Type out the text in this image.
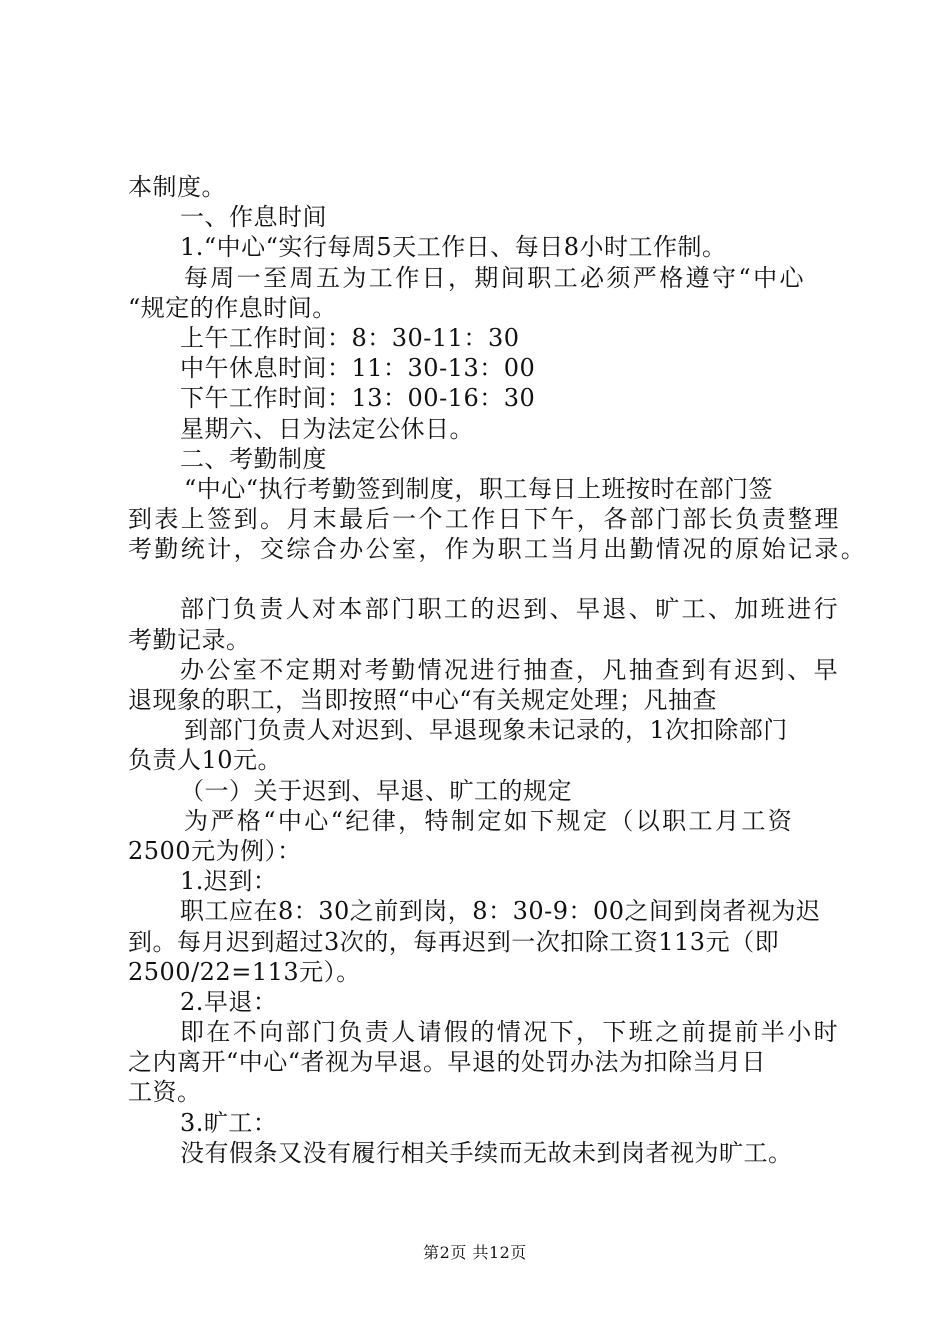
本制度。
一、作息时间
1.“中心“实行每周5天工作日、每日8小时工作制。
每周一至周五为工作日，期间职工必须严格遵守“中心
“规定的作息时间。
上午工作时间：8：30-11：30
中午休息时间：11：30-13：00
下午工作时间：13：00-16：30
星期六、日为法定公休日。
二、考勤制度
“中心“执行考勤签到制度，职工每日上班按时在部门签
到表上签到。月末最后一个工作日下午，各部门部长负责整理
考勤统计，交综合办公室，作为职工当月出勤情况的原始记录。
部门负责人对本部门职工的迟到、早退、旷工、加班进行
考勤记录。
办公室不定期对考勤情况进行抽查，凡抽查到有迟到、早
退现象的职工，当即按照“中心“有关规定处理；凡抽查
到部门负责人对迟到、早退现象未记录的，1次扣除部门
负责人10元。
（一）关于迟到、早退、旷工的规定
为严格“中心“纪律，特制定如下规定（以职工月工资
2500元为例）：
1.迟到：
职工应在8：30之前到岗，8：30-9：00之间到岗者视为迟
到。每月迟到超过3次的，每再迟到一次扣除工资113元（即
2500/22=113元）。
2.早退：
即在不向部门负责人请假的情况下，下班之前提前半小时
之内离开“中心“者视为早退。早退的处罚办法为扣除当月日
工资。
3.旷工：
没有假条又没有履行相关手续而无故未到岗者视为旷工。
第2页 共12页
